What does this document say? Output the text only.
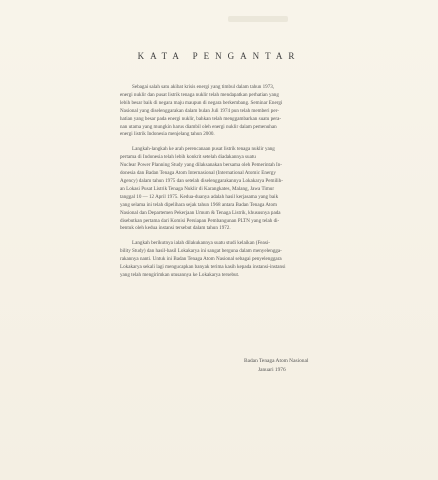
KATA PENGANTAR

Sebagai salah satu akibat krisis energi yang timbul dalam tahun 1973,
energi nuklir dan pusat listrik tenaga nuklir telah mendapatkan perhatian yang
lebih besar baik di negara maju maupun di negara berkembang. Seminar Energi
Nasional yang diselenggarakan dalam bulan Juli 1974 pun telah memberi per-
hatian yang besar pada energi nuklir, bahkan telah menggambarkan suatu pera-
nan utama yang mungkin harus diambil oleh energi nuklir dalam pemenuhan
energi listrik Indonesia menjelang tahun 2000.

Langkah-langkah ke arah perencanaan pusat listrik tenaga nuklir yang
pertama di Indonesia telah lebih konkrit setelah diadakannya suatu
Nuclear Power Planning Study yang dilaksanakan bersama oleh Pemerintah In-
donesia dan Badan Tenaga Atom Internasional (International Atomic Energy
Agency) dalam tahun 1975 dan setelah diselenggarakannya Lokakarya Pemilih-
an Lokasi Pusat Listrik Tenaga Nuklir di Karangkates, Malang, Jawa Timur
tanggal 10 — 12 April 1975. Kedua-duanya adalah hasil kerjasama yang baik
yang selama ini telah dipelihara sejak tahun 1968 antara Badan Tenaga Atom
Nasional dan Departemen Pekerjaan Umum & Tenaga Listrik, khususnya pada
disebutkan pertama dari Komisi Persiapan Pembangunan PLTN yang telah di-
bentuk oleh kedua instansi tersebut dalam tahun 1972.

Langkah berikutnya ialah dilakukannya suatu studi kelaikan (Feasi-
bility Study) dan hasil-hasil Lokakarya ini sangat berguna dalam menyelengga-
rakannya nanti. Untuk ini Badan Tenaga Atom Nasional sebagai penyelenggara
Lokakarya sekali lagi mengucapkan banyak terima kasih kepada instansi-instansi
yang telah mengirimkan utusannya ke Lokakarya tersebut.

Badan Tenaga Atom Nasional
Januari 1976
